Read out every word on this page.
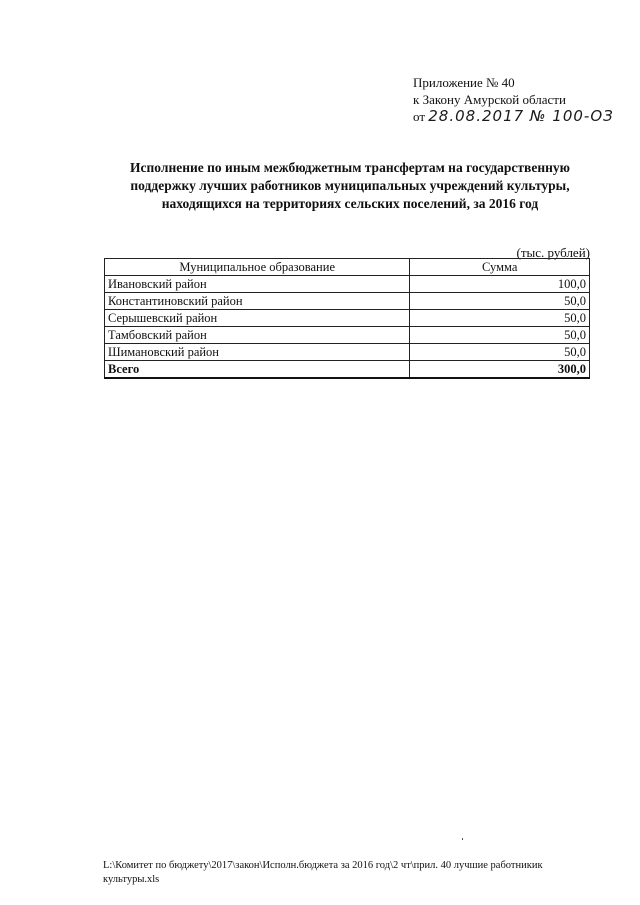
Приложение № 40
к Закону Амурской области
от 28.08.2017 № 100-ОЗ
Исполнение по иным межбюджетным трансфертам на государственную
поддержку лучших работников муниципальных учреждений культуры,
находящихся на территориях сельских поселений, за 2016 год
(тыс. рублей)
Муниципальное образование	Сумма
Ивановский район	100,0
Константиновский район	50,0
Серышевский район	50,0
Тамбовский район	50,0
Шимановский район	50,0
Всего	300,0
L:\Комитет по бюджету\2017\закон\Исполн.бюджета за 2016 год\2 чт\прил. 40 лучшие работникик
культуры.xls
